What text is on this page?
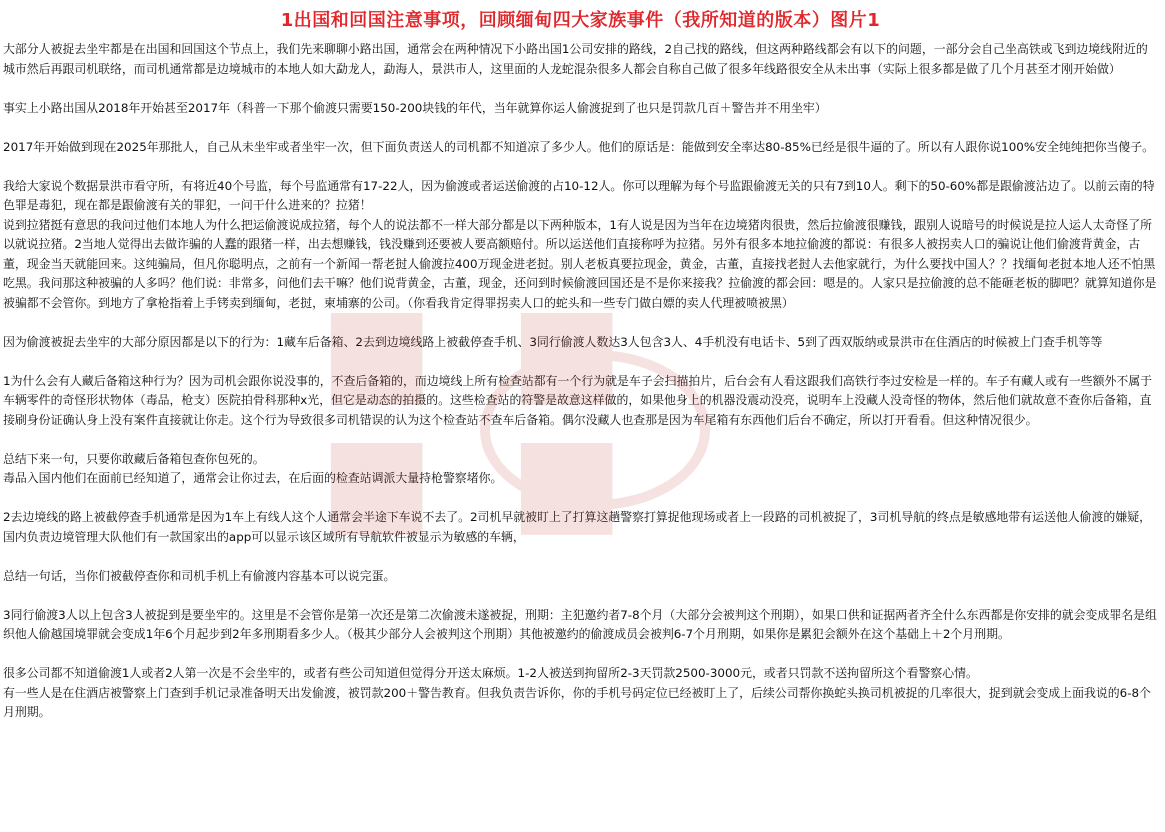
■ ■
■ ■
1出国和回国注意事项，回顾缅甸四大家族事件（我所知道的版本）图片1

大部分人被捉去坐牢都是在出国和回国这个节点上，我们先来聊聊小路出国，通常会在两种情况下小路出国1公司安排的路线，2自己找的路线，但这两种路线都会有以下的问题，一部分会自己坐高铁或飞到边境线附近的城市然后再跟司机联络，而司机通常都是边境城市的本地人如大勐龙人，勐海人，景洪市人，这里面的人龙蛇混杂很多人都会自称自己做了很多年线路很安全从未出事（实际上很多都是做了几个月甚至才刚开始做）

事实上小路出国从2018年开始甚至2017年（科普一下那个偷渡只需要150-200块钱的年代，当年就算你运人偷渡捉到了也只是罚款几百＋警告并不用坐牢）

2017年开始做到现在2025年那批人，自己从未坐牢或者坐牢一次，但下面负责送人的司机都不知道凉了多少人。他们的原话是：能做到安全率达80-85%已经是很牛逼的了。所以有人跟你说100%安全纯纯把你当傻子。

我给大家说个数据景洪市看守所，有将近40个号监，每个号监通常有17-22人，因为偷渡或者运送偷渡的占10-12人。你可以理解为每个号监跟偷渡无关的只有7到10人。剩下的50-60%都是跟偷渡沾边了。以前云南的特色罪是毒犯，现在都是跟偷渡有关的罪犯，一问干什么进来的？拉猪！

说到拉猪挺有意思的我问过他们本地人为什么把运偷渡说成拉猪，每个人的说法都不一样大部分都是以下两种版本，1有人说是因为当年在边境猪肉很贵，然后拉偷渡很赚钱，跟别人说暗号的时候说是拉人运人太奇怪了所以就说拉猪。2当地人觉得出去做诈骗的人蠢的跟猪一样，出去想赚钱，钱没赚到还要被人要高额赔付。所以运送他们直接称呼为拉猪。另外有很多本地拉偷渡的都说：有很多人被拐卖人口的骗说让他们偷渡背黄金，古董，现金当天就能回来。这纯骗局，但凡你聪明点，之前有一个新闻一帮老挝人偷渡拉400万现金进老挝。别人老板真要拉现金，黄金，古董，直接找老挝人去他家就行，为什么要找中国人？？找缅甸老挝本地人还不怕黑吃黑。我问那这种被骗的人多吗？他们说：非常多，问他们去干嘛？他们说背黄金，古董，现金，还问到时候偷渡回国还是不是你来接我？拉偷渡的都会回：嗯是的。人家只是拉偷渡的总不能砸老板的脚吧？就算知道你是被骗都不会管你。到地方了拿枪指着上手铐卖到缅甸，老挝，柬埔寨的公司。（你看我肯定得罪拐卖人口的蛇头和一些专门做白嫖的卖人代理被喷被黑）

因为偷渡被捉去坐牢的大部分原因都是以下的行为：1藏车后备箱、2去到边境线路上被截停查手机、3同行偷渡人数达3人包含3人、4手机没有电话卡、5到了西双版纳或景洪市在住酒店的时候被上门查手机等等

1为什么会有人藏后备箱这种行为？因为司机会跟你说没事的，不查后备箱的，而边境线上所有检查站都有一个行为就是车子会扫描拍片，后台会有人看这跟我们高铁行李过安检是一样的。车子有藏人或有一些额外不属于车辆零件的奇怪形状物体（毒品，枪支）医院拍骨科那种x光，但它是动态的拍摄的。这些检查站的符警是故意这样做的，如果他身上的机器没震动没亮，说明车上没藏人没奇怪的物体，然后他们就故意不查你后备箱，直接刷身份证确认身上没有案件直接就让你走。这个行为导致很多司机错误的认为这个检查站不查车后备箱。偶尔没藏人也查那是因为车尾箱有东西他们后台不确定，所以打开看看。但这种情况很少。

总结下来一句，只要你敢藏后备箱包查你包死的。

毒品入国内他们在面前已经知道了，通常会让你过去，在后面的检查站调派大量持枪警察堵你。

2去边境线的路上被截停查手机通常是因为1车上有线人这个人通常会半途下车说不去了。2司机早就被盯上了打算这趟警察打算捉他现场或者上一段路的司机被捉了，3司机导航的终点是敏感地带有运送他人偷渡的嫌疑，国内负责边境管理大队他们有一款国家出的app可以显示该区域所有导航软件被显示为敏感的车辆，

总结一句话，当你们被截停查你和司机手机上有偷渡内容基本可以说完蛋。

3同行偷渡3人以上包含3人被捉到是要坐牢的。这里是不会管你是第一次还是第二次偷渡未遂被捉，刑期：主犯邀约者7-8个月（大部分会被判这个刑期），如果口供和证据两者齐全什么东西都是你安排的就会变成罪名是组织他人偷越国境罪就会变成1年6个月起步到2年多刑期看多少人。（极其少部分人会被判这个刑期）其他被邀约的偷渡成员会被判6-7个月刑期，如果你是累犯会额外在这个基础上＋2个月刑期。

很多公司都不知道偷渡1人或者2人第一次是不会坐牢的，或者有些公司知道但觉得分开送太麻烦。1-2人被送到拘留所2-3天罚款2500-3000元，或者只罚款不送拘留所这个看警察心情。

有一些人是在住酒店被警察上门查到手机记录准备明天出发偷渡，被罚款200＋警告教育。但我负责告诉你，你的手机号码定位已经被盯上了，后续公司帮你换蛇头换司机被捉的几率很大，捉到就会变成上面我说的6-8个月刑期。
